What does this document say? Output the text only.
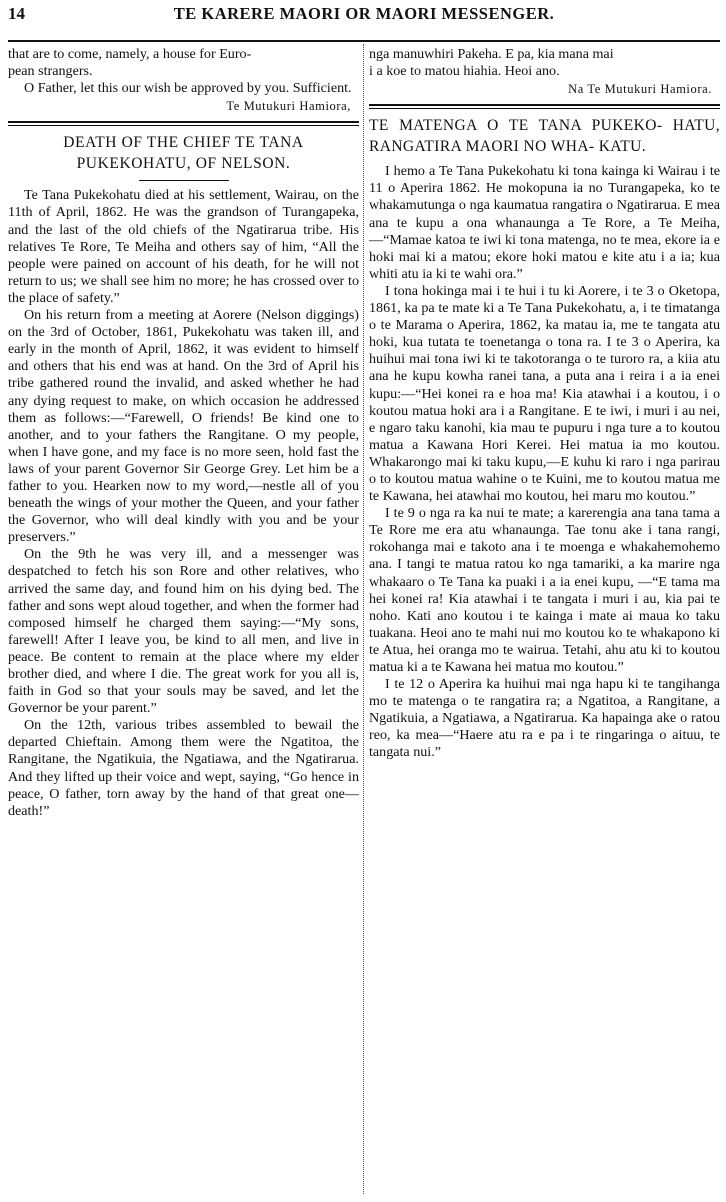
14	TE KARERE MAORI OR MAORI MESSENGER.

that are to come, namely, a house for Euro-

pean strangers.

O Father, let this our wish be approved by you. Sufficient.

Te Mutukuri Hamiora,
DEATH OF THE CHIEF TE TANA
PUKEKOHATU, OF NELSON.

Te Tana Pukekohatu died at his settlement, Wairau, on the 11th of April, 1862. He was the grandson of Turangapeka, and the last of the old chiefs of the Ngatirarua tribe. His relatives Te Rore, Te Meiha and others say of him, “All the people were pained on account of his death, for he will not return to us; we shall see him no more; he has crossed over to the place of safety.”

On his return from a meeting at Aorere (Nelson diggings) on the 3rd of October, 1861, Pukekohatu was taken ill, and early in the month of April, 1862, it was evident to himself and others that his end was at hand. On the 3rd of April his tribe gathered round the invalid, and asked whether he had any dying request to make, on which occasion he addressed them as follows:—“Farewell, O friends! Be kind one to another, and to your fathers the Rangitane. O my people, when I have gone, and my face is no more seen, hold fast the laws of your parent Governor Sir George Grey. Let him be a father to you. Hearken now to my word,—nestle all of you beneath the wings of your mother the Queen, and your father the Governor, who will deal kindly with you and be your preservers.”

On the 9th he was very ill, and a messenger was despatched to fetch his son Rore and other relatives, who arrived the same day, and found him on his dying bed. The father and sons wept aloud together, and when the former had composed himself he charged them saying:—“My sons, farewell! After I leave you, be kind to all men, and live in peace. Be content to remain at the place where my elder brother died, and where I die. The great work for you all is, faith in God so that your souls may be saved, and let the Governor be your parent.”

On the 12th, various tribes assembled to bewail the departed Chieftain. Among them were the Ngatitoa, the Rangitane, the Ngatikuia, the Ngatiawa, and the Ngatirarua. And they lifted up their voice and wept, saying, “Go hence in peace, O father, torn away by the hand of that great one—death!”

nga manuwhiri Pakeha. E pa, kia mana mai

i a koe to matou hiahia. Heoi ano.

Na Te Mutukuri Hamiora.
TE MATENGA O TE TANA PUKEKO- HATU, RANGATIRA MAORI NO WHA- KATU.

I hemo a Te Tana Pukekohatu ki tona kainga ki Wairau i te 11 o Aperira 1862. He mokopuna ia no Turangapeka, ko te whakamutunga o nga kaumatua rangatira o Ngatirarua. E mea ana te kupu a ona whanaunga a Te Rore, a Te Meiha,—“Mamae katoa te iwi ki tona matenga, no te mea, ekore ia e hoki mai ki a matou; ekore hoki matou e kite atu i a ia; kua whiti atu ia ki te wahi ora.”

I tona hokinga mai i te hui i tu ki Aorere, i te 3 o Oketopa, 1861, ka pa te mate ki a Te Tana Pukekohatu, a, i te timatanga o te Marama o Aperira, 1862, ka matau ia, me te tangata atu hoki, kua tutata te toenetanga o tona ra. I te 3 o Aperira, ka huihui mai tona iwi ki te takotoranga o te turoro ra, a kiia atu ana he kupu kowha ranei tana, a puta ana i reira i a ia enei kupu:—“Hei konei ra e hoa ma! Kia atawhai i a koutou, i o koutou matua hoki ara i a Rangitane. E te iwi, i muri i au nei, e ngaro taku kanohi, kia mau te pupuru i nga ture a to koutou matua a Kawana Hori Kerei. Hei matua ia mo koutou. Whakarongo mai ki taku kupu,—E kuhu ki raro i nga parirau o to koutou matua wahine o te Kuini, me to koutou matua me te Kawana, hei atawhai mo koutou, hei maru mo koutou.”

I te 9 o nga ra ka nui te mate; a karerengia ana tana tama a Te Rore me era atu whanaunga. Tae tonu ake i tana rangi, rokohanga mai e takoto ana i te moenga e whakahemohemo ana. I tangi te matua ratou ko nga tamariki, a ka marire nga whakaaro o Te Tana ka puaki i a ia enei kupu, —“E tama ma hei konei ra! Kia atawhai i te tangata i muri i au, kia pai te noho. Kati ano koutou i te kainga i mate ai maua ko taku tuakana. Heoi ano te mahi nui mo koutou ko te whakapono ki te Atua, hei oranga mo te wairua. Tetahi, ahu atu ki to koutou matua ki a te Kawana hei matua mo koutou.”

I te 12 o Aperira ka huihui mai nga hapu ki te tangihanga mo te matenga o te rangatira ra; a Ngatitoa, a Rangitane, a Ngatikuia, a Ngatiawa, a Ngatirarua. Ka hapainga ake o ratou reo, ka mea—“Haere atu ra e pa i te ringaringa o aituu, te tangata nui.”
